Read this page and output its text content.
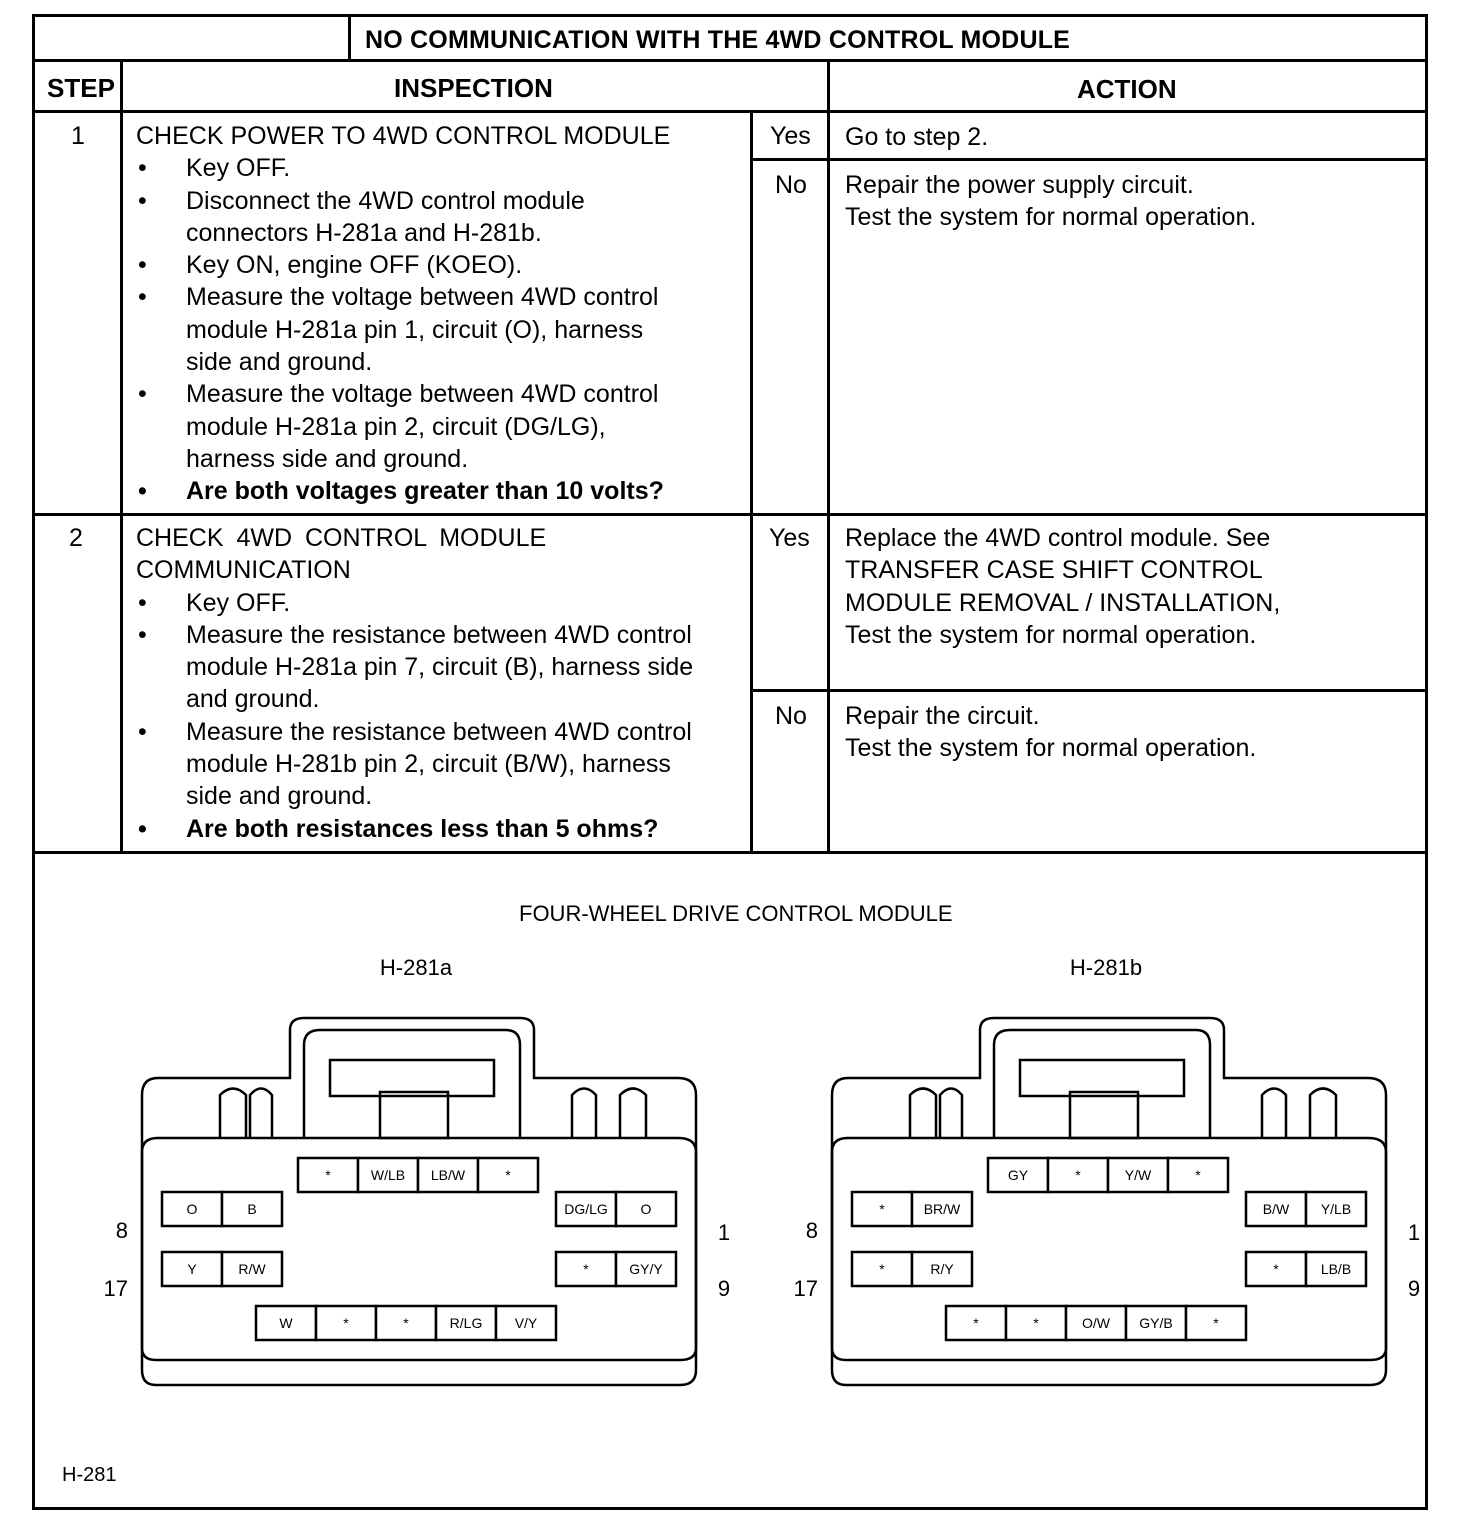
NO COMMUNICATION WITH THE 4WD CONTROL MODULE
STEP	INSPECTION	ACTION
1 CHECK POWER TO 4WD CONTROL MODULE
• Key OFF.
• Disconnect the 4WD control module
connectors H-281a and H-281b.
• Key ON, engine OFF (KOEO).
• Measure the voltage between 4WD control
module H-281a pin 1, circuit (O), harness
side and ground.
• Measure the voltage between 4WD control
module H-281a pin 2, circuit (DG/LG),
harness side and ground.
• Are both voltages greater than 10 volts?
Yes Go to step 2.
No Repair the power supply circuit.
Test the system for normal operation.
2 CHECK 4WD CONTROL MODULE
COMMUNICATION
• Key OFF.
• Measure the resistance between 4WD control
module H-281a pin 7, circuit (B), harness side
and ground.
• Measure the resistance between 4WD control
module H-281b pin 2, circuit (B/W), harness
side and ground.
• Are both resistances less than 5 ohms?
Yes Replace the 4WD control module. See
TRANSFER CASE SHIFT CONTROL
MODULE REMOVAL / INSTALLATION,
Test the system for normal operation.
No Repair the circuit.
Test the system for normal operation.
FOUR-WHEEL DRIVE CONTROL MODULE
H-281
H-281a
*	W/LB LB/W	*
O	B	DG/LG O
Y	R/W	*	GY/Y
W	*	*	R/LG V/Y
8
17
1
9
H-281b
GY	*	Y/W	*
*	BR/W	B/W Y/LB
*	R/Y	*	LB/B
*	*	O/W GY/B	*
8
17
1
9
